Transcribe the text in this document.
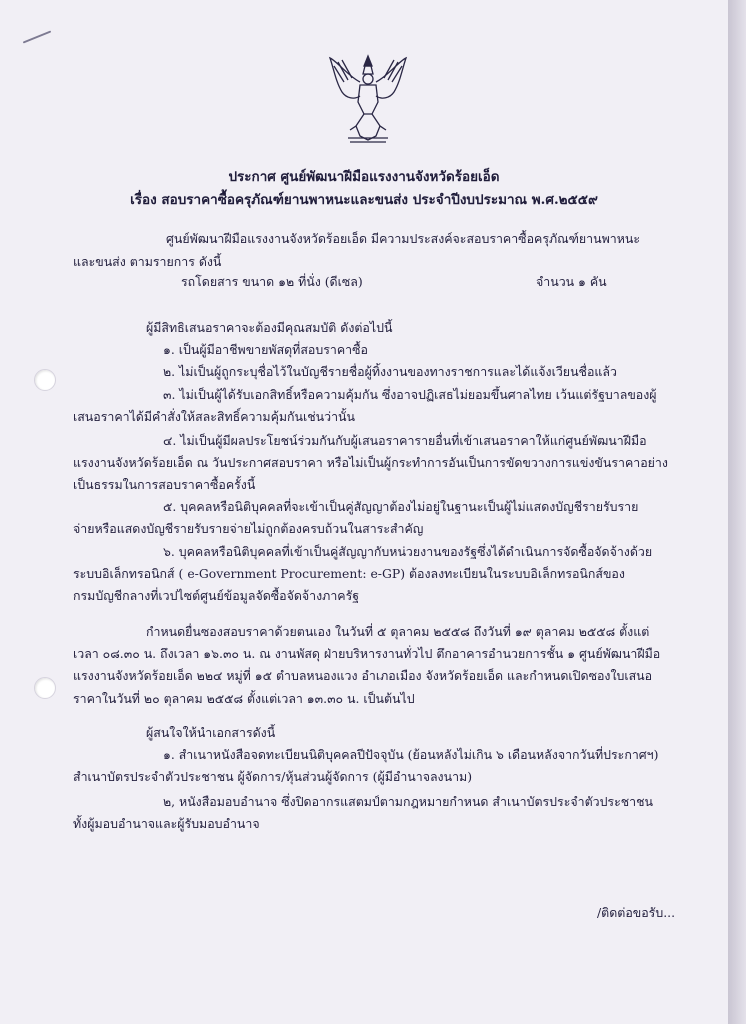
ประกาศ ศูนย์พัฒนาฝีมือแรงงานจังหวัดร้อยเอ็ด
เรื่อง สอบราคาซื้อครุภัณฑ์ยานพาหนะและขนส่ง ประจำปีงบประมาณ พ.ศ.๒๕๕๙
ศูนย์พัฒนาฝีมือแรงงานจังหวัดร้อยเอ็ด มีความประสงค์จะสอบราคาซื้อครุภัณฑ์ยานพาหนะ
และขนส่ง ตามรายการ ดังนี้
รถโดยสาร ขนาด ๑๒ ที่นั่ง (ดีเซล)	จำนวน ๑ คัน
ผู้มีสิทธิเสนอราคาจะต้องมีคุณสมบัติ ดังต่อไปนี้
๑. เป็นผู้มีอาชีพขายพัสดุที่สอบราคาซื้อ
๒. ไม่เป็นผู้ถูกระบุชื่อไว้ในบัญชีรายชื่อผู้ทิ้งงานของทางราชการและได้แจ้งเวียนชื่อแล้ว
๓. ไม่เป็นผู้ได้รับเอกสิทธิ์หรือความคุ้มกัน ซึ่งอาจปฏิเสธไม่ยอมขึ้นศาลไทย เว้นแต่รัฐบาลของผู้
เสนอราคาได้มีคำสั่งให้สละสิทธิ์ความคุ้มกันเช่นว่านั้น
๔. ไม่เป็นผู้มีผลประโยชน์ร่วมกันกับผู้เสนอราคารายอื่นที่เข้าเสนอราคาให้แก่ศูนย์พัฒนาฝีมือ
แรงงานจังหวัดร้อยเอ็ด ณ วันประกาศสอบราคา หรือไม่เป็นผู้กระทำการอันเป็นการขัดขวางการแข่งขันราคาอย่าง
เป็นธรรมในการสอบราคาซื้อครั้งนี้
๕. บุคคลหรือนิติบุคคลที่จะเข้าเป็นคู่สัญญาต้องไม่อยู่ในฐานะเป็นผู้ไม่แสดงบัญชีรายรับราย
จ่ายหรือแสดงบัญชีรายรับรายจ่ายไม่ถูกต้องครบถ้วนในสาระสำคัญ
๖. บุคคลหรือนิติบุคคลที่เข้าเป็นคู่สัญญากับหน่วยงานของรัฐซึ่งได้ดำเนินการจัดซื้อจัดจ้างด้วย
ระบบอิเล็กทรอนิกส์ ( e-Government Procurement: e-GP) ต้องลงทะเบียนในระบบอิเล็กทรอนิกส์ของ
กรมบัญชีกลางที่เวปไซต์ศูนย์ข้อมูลจัดซื้อจัดจ้างภาครัฐ
กำหนดยื่นซองสอบราคาด้วยตนเอง ในวันที่ ๕ ตุลาคม ๒๕๕๘ ถึงวันที่ ๑๙ ตุลาคม ๒๕๕๘ ตั้งแต่
เวลา ๐๘.๓๐ น. ถึงเวลา ๑๖.๓๐ น. ณ งานพัสดุ ฝ่ายบริหารงานทั่วไป ตึกอาคารอำนวยการชั้น ๑ ศูนย์พัฒนาฝีมือ
แรงงานจังหวัดร้อยเอ็ด ๒๒๔ หมู่ที่ ๑๕ ตำบลหนองแวง อำเภอเมือง จังหวัดร้อยเอ็ด และกำหนดเปิดซองใบเสนอ
ราคาในวันที่ ๒๐ ตุลาคม ๒๕๕๘ ตั้งแต่เวลา ๑๓.๓๐ น. เป็นต้นไป
ผู้สนใจให้นำเอกสารดังนี้
๑. สำเนาหนังสือจดทะเบียนนิติบุคคลปีปัจจุบัน (ย้อนหลังไม่เกิน ๖ เดือนหลังจากวันที่ประกาศฯ)
สำเนาบัตรประจำตัวประชาชน ผู้จัดการ/หุ้นส่วนผู้จัดการ (ผู้มีอำนาจลงนาม)
๒, หนังสือมอบอำนาจ ซึ่งปิดอากรแสตมป์ตามกฎหมายกำหนด สำเนาบัตรประจำตัวประชาชน
ทั้งผู้มอบอำนาจและผู้รับมอบอำนาจ
/ติดต่อขอรับ...
